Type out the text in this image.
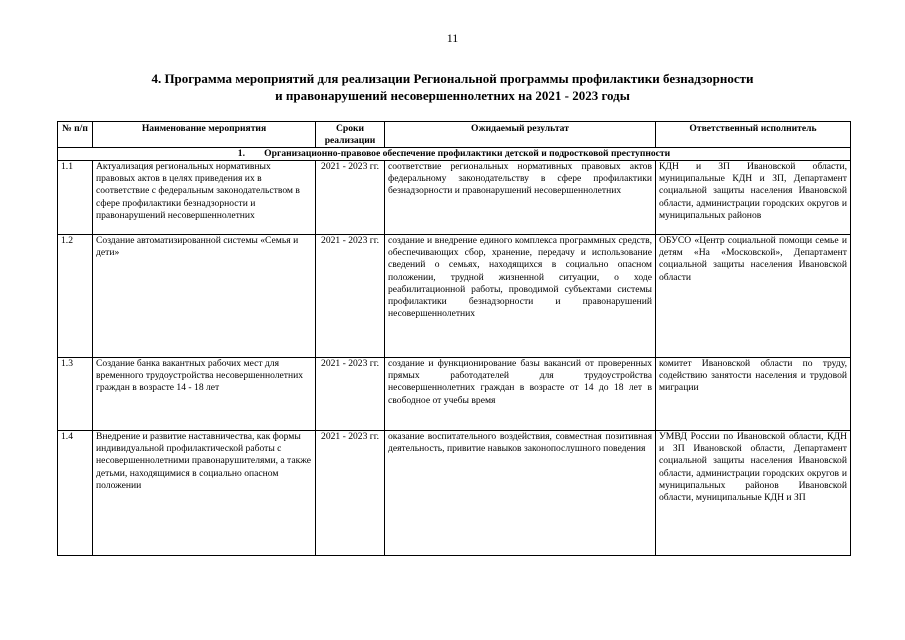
11
4. Программа мероприятий для реализации Региональной программы профилактики безнадзорности
и правонарушений несовершеннолетних на 2021 - 2023 годы
№ п/п	Наименование мероприятия	Сроки реализации	Ожидаемый результат	Ответственный исполнитель
1.        Организационно-правовое обеспечение профилактики детской и подростковой преступности				
1.1	Актуализация региональных нормативных правовых актов в целях приведения их в соответствие с федеральным законодательством в сфере профилактики безнадзорности и правонарушений несовершеннолетних	2021 - 2023 гг.	соответствие региональных нормативных правовых актов федеральному законодательству в сфере профилактики безнадзорности и правонарушений несовершеннолетних	КДН и ЗП Ивановской области, муниципальные КДН и ЗП, Департамент социальной защиты населения Ивановской области, администрации городских округов и муниципальных районов
1.2	Создание автоматизированной системы «Семья и дети»	2021 - 2023 гг.	создание и внедрение единого комплекса программных средств, обеспечивающих сбор, хранение, передачу и использование сведений о семьях, находящихся в социально опасном положении, трудной жизненной ситуации, о ходе реабилитационной работы, проводимой субъектами системы профилактики безнадзорности и правонарушений несовершеннолетних	ОБУСО «Центр социальной помощи семье и детям «На «Московской», Департамент социальной защиты населения Ивановской области
1.3	Создание банка вакантных рабочих мест для временного трудоустройства несовершеннолетних граждан в возрасте 14 - 18 лет	2021 - 2023 гг.	создание и функционирование базы вакансий от проверенных прямых работодателей для трудоустройства несовершеннолетних граждан в возрасте от 14 до 18 лет в свободное от учебы время	комитет Ивановской области по труду, содействию занятости населения и трудовой миграции
1.4	Внедрение и развитие наставничества, как формы индивидуальной профилактической работы с несовершеннолетними правонарушителями, а также детьми, находящимися в социально опасном положении	2021 - 2023 гг.	оказание воспитательного воздействия, совместная позитивная деятельность, привитие навыков законопослушного поведения	УМВД России по Ивановской области, КДН и ЗП Ивановской области, Департамент социальной защиты населения Ивановской области, администрации городских округов и муниципальных районов Ивановской области, муниципальные КДН и ЗП
